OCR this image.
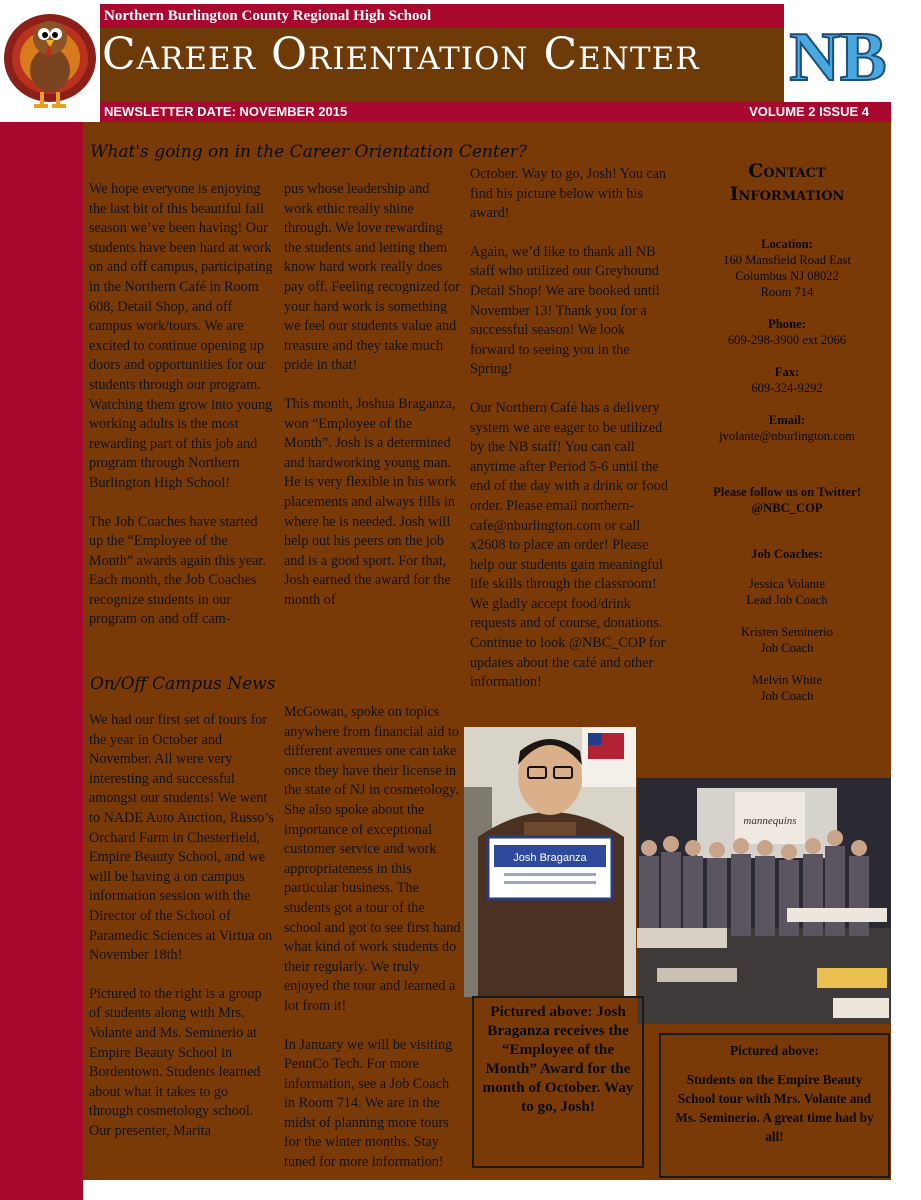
Northern Burlington County Regional High School
Career Orientation Center NB
NEWSLETTER DATE: NOVEMBER 2015	VOLUME 2 ISSUE 4
What's going on in the Career Orientation Center?

We hope everyone is enjoying the last bit of this beautiful fall season we’ve been having! Our students have been hard at work on and off campus, participating in the Northern Café in Room 608, Detail Shop, and off campus work/tours. We are excited to continue opening up doors and opportunities for our students through our program. Watching them grow into young working adults is the most rewarding part of this job and program through Northern Burlington High School!

The Job Coaches have started up the “Employee of the Month” awards again this year. Each month, the Job Coaches recognize students in our program on and off cam-

pus whose leadership and work ethic really shine through. We love rewarding the students and letting them know hard work really does pay off. Feeling recognized for your hard work is something we feel our students value and treasure and they take much pride in that!

This month, Joshua Braganza, won “Employee of the Month”. Josh is a determined and hardworking young man. He is very flexible in his work placements and always fills in where he is needed. Josh will help out his peers on the job and is a good sport. For that, Josh earned the award for the month of

October. Way to go, Josh! You can find his picture below with his award!

Again, we’d like to thank all NB staff who utilized our Greyhound Detail Shop! We are booked until November 13! Thank you for a successful season! We look forward to seeing you in the Spring!

Our Northern Café has a delivery system we are eager to be utilized by the NB staff! You can call anytime after Period 5-6 until the end of the day with a drink or food order. Please email northern-cafe@nburlington.com or call x2608 to place an order! Please help our students gain meaningful life skills through the classroom! We gladly accept food/drink requests and of course, donations. Continue to look @NBC_COP for updates about the café and other information!

On/Off Campus News

We had our first set of tours for the year in October and November. All were very interesting and successful amongst our students! We went to NADE Auto Auction, Russo’s Orchard Farm in Chesterfield, Empire Beauty School, and we will be having a on campus information session with the Director of the School of Paramedic Sciences at Virtua on November 18th!

Pictured to the right is a group of students along with Mrs. Volante and Ms. Seminerio at Empire Beauty School in Bordentown. Students learned about what it takes to go through cosmetology school. Our presenter, Marita

McGowan, spoke on topics anywhere from financial aid to different avenues one can take once they have their license in the state of NJ in cosmetology. She also spoke about the importance of exceptional customer service and work appropriateness in this particular business. The students got a tour of the school and got to see first hand what kind of work students do their regularly. We truly enjoyed the tour and learned a lot from it!

In January we will be visiting PennCo Tech. For more information, see a Job Coach in Room 714. We are in the midst of planning more tours for the winter months. Stay tuned for more information!

Contact
Information
Location:
160 Mansfield Road East
Columbus NJ 08022
Room 714
Phone:
609-298-3900 ext 2066
Fax:
609-324-9292
Email:
jvolante@nburlington.com
Please follow us on Twitter!
@NBC_COP
Job Coaches:
Jessica Volante
Lead Job Coach
Kristen Seminerio
Job Coach
Melvin White
Job Coach
Josh Braganza
mannequins
Pictured above: Josh Braganza receives the “Employee of the Month” Award for the month of October. Way to go, Josh!
Pictured above:
Students on the Empire Beauty School tour with Mrs. Volante and Ms. Seminerio. A great time had by all!
